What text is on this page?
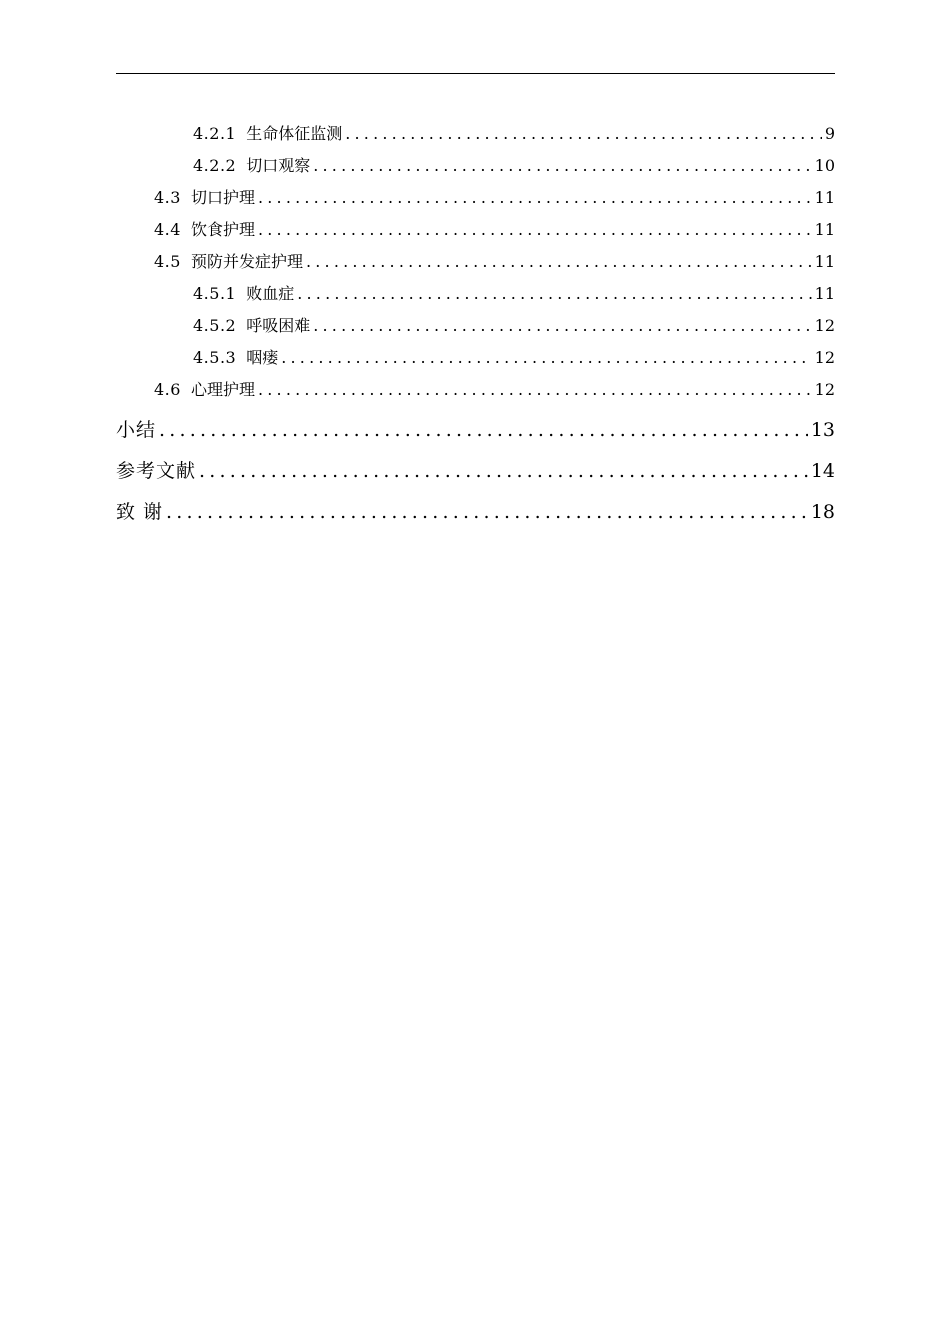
4.2.1 生命体征监测 .....	9
4.2.2 切口观察 .....	10
4.3 切口护理 .....	11
4.4 饮食护理 .....	11
4.5 预防并发症护理 .....	11
4.5.1 败血症 .....	11
4.5.2 呼吸困难 .....	12
4.5.3 咽瘘 .....	12
4.6 心理护理 .....	12
小结 .....	13
参考文献 .....	14
致 谢 .....	18
